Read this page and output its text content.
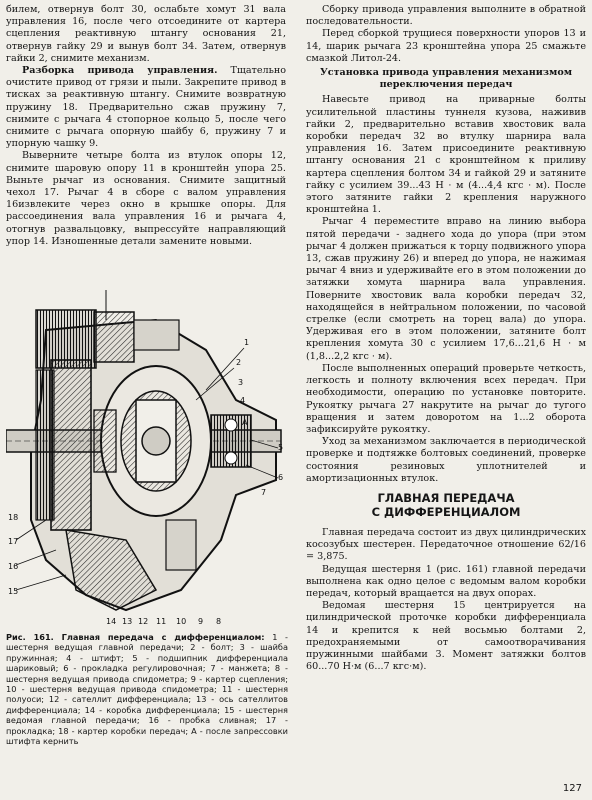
билем, отвернув болт 30, ослабьте хомут 31 вала управления 16, после чего отсоедините от картера сцепления реактивную штангу основания 21, отвернув гайку 29 и вынув болт 34. Затем, отвернув гайки 2, снимите механизм.

Разборка привода управления. Тщательно очистите привод от грязи и пыли. Закрепите привод в тисках за реактивную штангу. Снимите возвратную пружину 18. Предварительно сжав пружину 7, снимите с рычага 4 стопорное кольцо 5, после чего снимите с рычага опорную шайбу 6, пружину 7 и упорную чашку 9.

Выверните четыре болта из втулок опоры 12, снимите шаровую опору 11 в кронштейн упора 25. Выньте рычаг из основания. Снимите защитный чехол 17. Рычаг 4 в сборе с валом управления 16извлеките через окно в крышке опоры. Для рассоединения вала управления 16 и рычага 4, отогнув развальцовку, выпрессуйте направляющий упор 14. Изношенные детали замените новыми.

1
2
3
4
5
6
7
8
9
10
11
12
13
14
15
16
17
18
A
Рис. 161. Главная передача с дифференциалом: 1 - шестерня ведущая главной передачи; 2 - болт; 3 - шайба пружинная; 4 - штифт; 5 - подшипник дифференциала шариковый; 6 - прокладка регулировочная; 7 - манжета; 8 - шестерня ведущая привода спидометра; 9 - картер сцепления; 10 - шестерня ведущая привода спидометра; 11 - шестерня полуоси; 12 - сателлит дифференциала; 13 - ось сателлитов дифференциала; 14 - коробка дифференциала; 15 - шестерня ведомая главной передачи; 16 - пробка сливная; 17 - прокладка; 18 - картер коробки передач; А - после запрессовки штифта кернить

Сборку привода управления выполните в обратной последовательности.

Перед сборкой трущиеся поверхности упоров 13 и 14, шарик рычага 23 кронштейна упора 25 смажьте смазкой Литол-24.

Установка привода управления механизмом
переключения передач

Навесьте привод на приварные болты усилительной пластины туннеля кузова, наживив гайки 2, предварительно вставив хвостовик вала коробки передач 32 во втулку шарнира вала управления 16. Затем присоедините реактивную штангу основания 21 с кронштейном к приливу картера сцепления болтом 34 и гайкой 29 и затяните гайку с усилием 39...43 Н · м (4...4,4 кгс · м). После этого затяните гайки 2 крепления наружного кронштейна 1.

Рычаг 4 переместите вправо на линию выбора пятой передачи - заднего хода до упора (при этом рычаг 4 должен прижаться к торцу подвижного упора 13, сжав пружину 26) и вперед до упора, не нажимая рычаг 4 вниз и удерживайте его в этом положении до затяжки хомута шарнира вала управления. Поверните хвостовик вала коробки передач 32, находящейся в нейтральном положении, по часовой стрелке (если смотреть на торец вала) до упора. Удерживая его в этом положении, затяните болт крепления хомута 30 с усилием 17,6...21,6 Н · м (1,8...2,2 кгс · м).

После выполненных операций проверьте четкость, легкость и полноту включения всех передач. При необходимости, операцию по установке повторите. Рукоятку рычага 27 накрутите на рычаг до тугого вращения и затем доворотом на 1...2 оборота зафиксируйте рукоятку.

Уход за механизмом заключается в периодической проверке и подтяжке болтовых соединений, проверке состояния резиновых уплотнителей и амортизационных втулок.

ГЛАВНАЯ ПЕРЕДАЧА
С ДИФФЕРЕНЦИАЛОМ

Главная передача состоит из двух цилиндрических косозубых шестерен. Передаточное отношение 62/16 = 3,875.

Ведущая шестерня 1 (рис. 161) главной передачи выполнена как одно целое с ведомым валом коробки передач, который вращается на двух опорах.

Ведомая шестерня 15 центрируется на цилиндрической проточке коробки дифференциала 14 и крепится к ней восьмью болтами 2, предохраняемыми от самоотворачивания пружинными шайбами 3. Момент затяжки болтов 60...70 Н·м (6...7 кгс·м).

127
